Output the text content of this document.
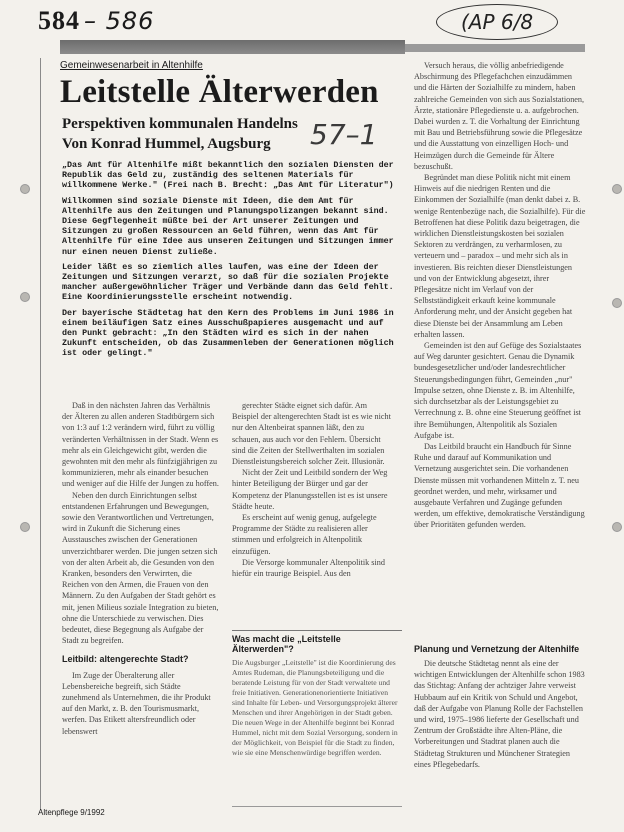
584 – 586	(AP 6/8
Gemeinwesenarbeit in Altenhilfe
Leitstelle Älterwerden
Perspektiven kommunalen Handelns
Von Konrad Hummel, Augsburg 57–1

„Das Amt für Altenhilfe mißt bekanntlich den sozialen Diensten der Republik das Geld zu, zuständig des seltenen Materials für willkommene Werke." (Frei nach B. Brecht: „Das Amt für Literatur")

Willkommen sind soziale Dienste mit Ideen, die dem Amt für Altenhilfe aus den Zeitungen und Planungspolizangen bekannt sind. Diese Gegflegenheit müßte bei der Art unserer Zeitungen und Sitzungen zu großen Ressourcen an Geld führen, wenn das Amt für Altenhilfe für eine Idee aus unseren Zeitungen und Sitzungen immer nur einen neuen Dienst zuließe.

Leider läßt es so ziemlich alles laufen, was eine der Ideen der Zeitungen und Sitzungen verarzt, so daß für die sozialen Projekte mancher außergewöhnlicher Träger und Verbände dann das Geld fehlt. Eine Koordinierungsstelle erscheint notwendig.

Der bayerische Städtetag hat den Kern des Problems im Juni 1986 in einem beiläufigen Satz eines Ausschußpapieres ausgemacht und auf den Punkt gebracht: „In den Städten wird es sich in der nahen Zukunft entscheiden, ob das Zusammenleben der Generationen möglich ist oder gelingt."

Daß in den nächsten Jahren das Verhältnis der Älteren zu allen anderen Stadtbürgern sich von 1:3 auf 1:2 verändern wird, führt zu völlig veränderten Verhältnissen in der Stadt. Wenn es mehr als ein Gleichgewicht gibt, werden die gewohnten mit den mehr als fünfzigjährigen zu kommunizieren, mehr als einander besuchen und weniger auf die Hilfe der Jungen zu hoffen.

Neben den durch Einrichtungen selbst entstandenen Erfahrungen und Bewegungen, sowie den Verantwortlichen und Vertretungen, wird in Zukunft die Sicherung eines Ausstausches zwischen der Generationen unverzichtbarer werden. Die jungen setzen sich von der alten Arbeit ab, die Gesunden von den Kranken, besonders den Verwirrten, die Reichen von den Armen, die Frauen von den Männern. Zu den Aufgaben der Stadt gehört es mit, jenen Milieus soziale Integration zu bieten, ohne die Unterschiede zu verwischen. Dies bedeutet, diese Begegnung als Aufgabe der Stadt zu begreifen.

Leitbild: altengerechte Stadt?

Im Zuge der Überalterung aller Lebensbereiche begreift, sich Städte zunehmend als Unternehmen, die ihr Produkt auf den Markt, z. B. den Tourismusmarkt, werfen. Das Etikett altersfreundlich oder lebenswert

gerechter Städte eignet sich dafür. Am Beispiel der altengerechten Stadt ist es wie nicht nur den Altenbeirat spannen läßt, den zu schauen, aus auch vor den Fehlern. Übersicht sind die Zeiten der Stellwerthalten im sozialen Dienstleistungsbereich solcher Zeit. Illusionär.

Nicht der Zeit und Leitbild sondern der Weg hinter Beteiligung der Bürger und gar der Kompetenz der Planungsstellen ist es ist unsere Städte heute.

Es erscheint auf wenig genug, aufgelegte Programme der Städte zu realisieren aller stimmen und erfolgreich in Altenpolitik einzufügen.

Die Versorge kommunaler Altenpolitik sind hiefür ein traurige Beispiel. Aus den

Was macht die „Leitstelle Älterwerden"?

Die Augsburger „Leitstelle" ist die Koordinierung des Amtes Rudeman, die Planungsbeteiligung und die beratende Leistung für von der Stadt verwaltete und freie Initiativen. Generationenorientierte Initiativen sind Inhalte für Leben- und Versorgungsprojekt älterer Menschen und ihrer Angehörigen in der Stadt geben. Die neuen Wege in der Altenhilfe beginnt bei Konrad Hummel, nicht mit dem Sozial Versorgung, sondern in der Möglichkeit, von Beispiel für die Stadt zu finden, wie sie eine Menschenwürdige begriffen werden.

Versuch heraus, die völlig anbefriedigende Abschirmung des Pflegefachchen einzudämmen und die Härten der Sozialhilfe zu mindern, haben zahlreiche Gemeinden von sich aus Sozialstationen, Ärzte, stationäre Pflegedienste u. a. aufgebrochen. Dabei wurden z. T. die Vorhaltung der Einrichtung mit Bau und Betriebsführung sowie die Pflegesätze und die Ausstattung von einzelligen Hoch- und Heimzügen durch die Gemeinde für Ältere bezuschußt.

Begründet man diese Politik nicht mit einem Hinweis auf die niedrigen Renten und die Einkommen der Sozialhilfe (man denkt dabei z. B. wenige Rentenbezüge nach, die Sozialhilfe). Für die Betroffenen hat diese Politik dazu beigetragen, die wirklichen Dienstleistungskosten bei sozialen Sektoren zu verdrängen, zu verharmlosen, zu verteuern und – paradox – und mehr sich als in investieren. Bis reichten dieser Dienstleistungen und von der Entwicklung abgesetzt, ihrer Pflegesätze nicht im Verlauf von der Selbstständigkeit erkauft keine kommunale Anforderung mehr, und der Ansicht gegeben hat diese Dienste bei der Ansammlung am Leben erhalten lassen.

Gemeinden ist den auf Gefüge des Sozialstaates auf Weg darunter gesichtert. Genau die Dynamik bundesgesetzlicher und/oder landesrechtlicher Steuerungsbedingungen führt, Gemeinden „nur" Impulse setzen, ohne Dienste z. B. im Altenhilfe, sich durchsetzbar als der Leistungsgebiet zu Verrechnung z. B. ohne eine Steuerung geöffnet ist ihre Bemühungen, Altenpolitik als Sozialen Aufgabe ist.

Das Leitbild braucht ein Handbuch für Sinne Ruhe und darauf auf Kommunikation und Vernetzung ausgerichtet sein. Die vorhandenen Dienste müssen mit vorhandenen Mitteln z. T. neu geordnet werden, und mehr, wirksamer und ausgebaute Verfahren und Zugänge gefunden werden, um effektive, demokratische Verständigung über Prioritäten gefunden werden.

Planung und Vernetzung der Altenhilfe

Die deutsche Städtetag nennt als eine der wichtigen Entwicklungen der Altenhilfe schon 1983 das Stichtag: Anfang der achtziger Jahre verweist Hubbaum auf ein Kritik von Schuld und Angebot, daß der Aufgabe von Planung Rolle der Fachstellen und wird, 1975–1986 lieferte der Gesellschaft und Zentrum der Großstädte ihre Alten-Pläne, die Vorbereitungen und Stadtrat planen auch die Städtetag Strukturen und Münchener Strategien eines Pflegebedarfs.

Altenpflege 9/1992
